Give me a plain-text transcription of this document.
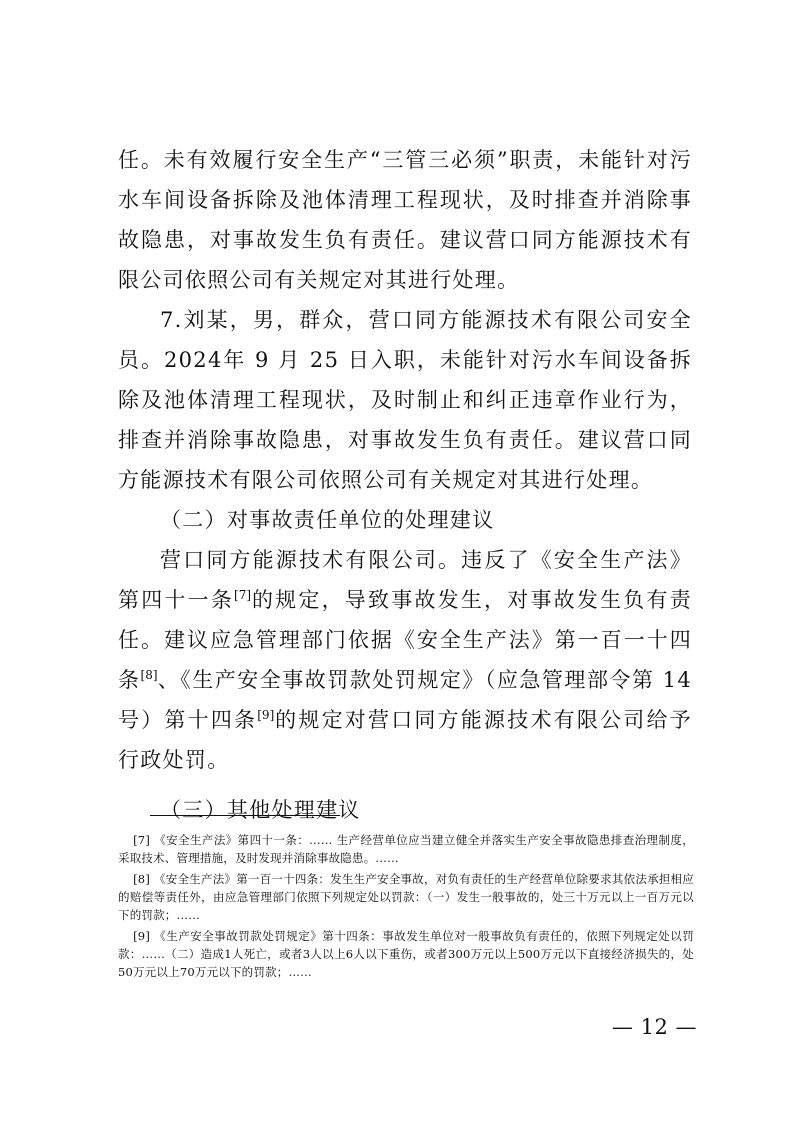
任。未有效履行安全生产“三管三必须”职责，未能针对污水车间设备拆除及池体清理工程现状，及时排查并消除事故隐患，对事故发生负有责任。建议营口同方能源技术有限公司依照公司有关规定对其进行处理。

7.刘某，男，群众，营口同方能源技术有限公司安全员。2024年 9 月 25 日入职，未能针对污水车间设备拆除及池体清理工程现状，及时制止和纠正违章作业行为，排查并消除事故隐患，对事故发生负有责任。建议营口同方能源技术有限公司依照公司有关规定对其进行处理。

（二）对事故责任单位的处理建议

营口同方能源技术有限公司。违反了《安全生产法》第四十一条[7]的规定，导致事故发生，对事故发生负有责任。建议应急管理部门依据《安全生产法》第一百一十四条[8]、《生产安全事故罚款处罚规定》（应急管理部令第 14 号）第十四条[9]的规定对营口同方能源技术有限公司给予行政处罚。

（三）其他处理建议

[7] 《安全生产法》第四十一条：…… 生产经营单位应当建立健全并落实生产安全事故隐患排查治理制度，采取技术、管理措施，及时发现并消除事故隐患。……

[8] 《安全生产法》第一百一十四条：发生生产安全事故，对负有责任的生产经营单位除要求其依法承担相应的赔偿等责任外，由应急管理部门依照下列规定处以罚款：（一）发生一般事故的，处三十万元以上一百万元以下的罚款；……

[9] 《生产安全事故罚款处罚规定》第十四条：事故发生单位对一般事故负有责任的，依照下列规定处以罚款：……（二）造成1人死亡，或者3人以上6人以下重伤，或者300万元以上500万元以下直接经济损失的，处50万元以上70万元以下的罚款；……

— 12 —
